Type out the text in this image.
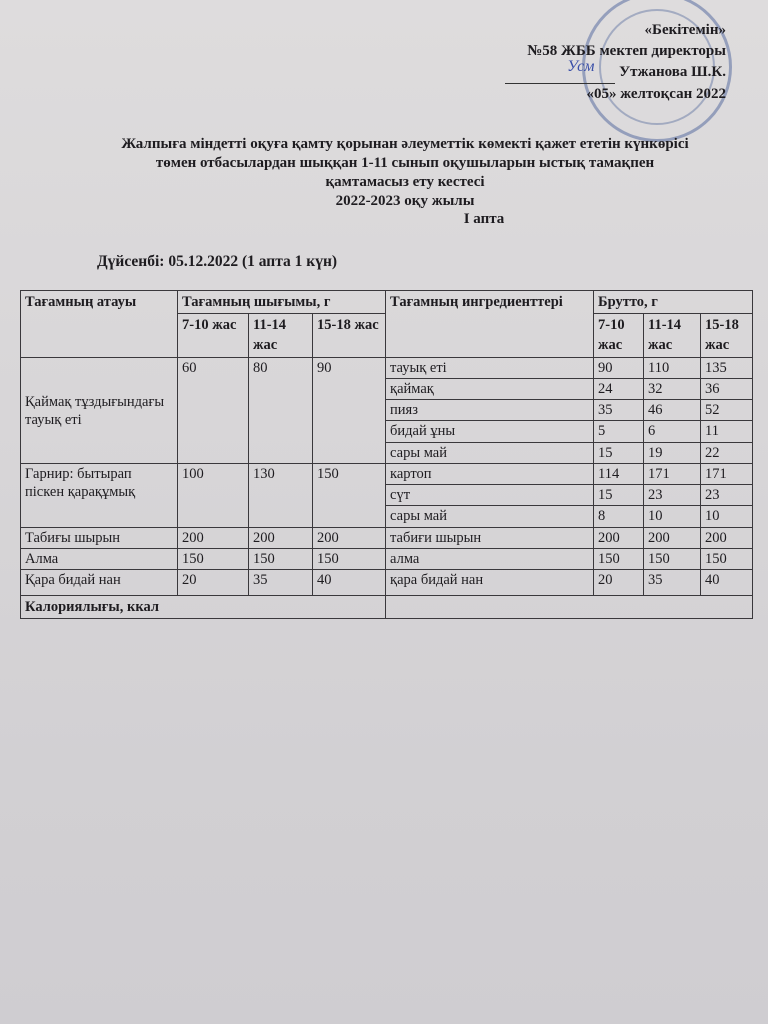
«Бекітемін»
№58 ЖББ мектеп директоры
Усм Утжанова Ш.К.
«05» желтоқсан 2022
Жалпыға міндетті оқуға қамту қорынан әлеуметтік көмекті қажет ететін күнкөрісі
төмен отбасылардан шыққан 1-11 сынып оқушыларын ыстық тамақпен
қамтамасыз ету кестесі
2022-2023 оқу жылы
І апта
Дүйсенбі: 05.12.2022 (1 апта 1 күн)
Тағамның атауы	Тағамның шығымы, г			Тағамның ингредиенттері	Брутто, г		
	7-10 жас	11-14 жас	15-18 жас		7-10 жас	11-14 жас	15-18 жас
Қаймақ тұздығындағы тауық еті	60	80	90	тауық еті	90	110	135
				қаймақ	24	32	36
				пияз	35	46	52
				бидай ұны	5	6	11
				сары май	15	19	22
Гарнир: бытырап піскен қарақұмық	100	130	150	картоп	114	171	171
				сүт	15	23	23
				сары май	8	10	10
Табиғы шырын	200	200	200	табиғи шырын	200	200	200
Алма	150	150	150	алма	150	150	150
Қара бидай нан	20	35	40	қара бидай нан	20	35	40
Калориялығы, ккал							
